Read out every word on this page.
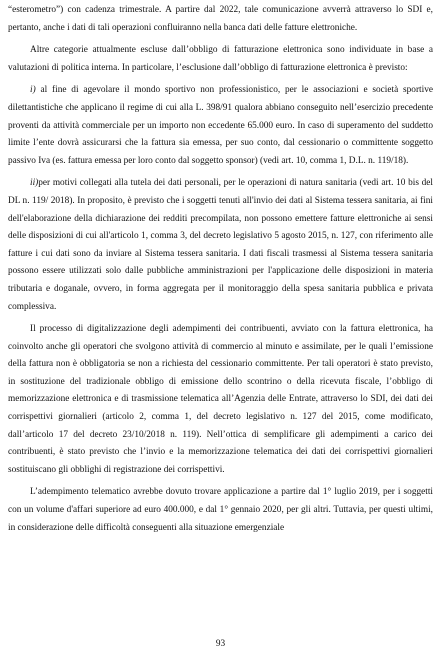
“esterometro”) con cadenza trimestrale. A partire dal 2022, tale comunicazione avverrà attraverso lo SDI e, pertanto, anche i dati di tali operazioni confluiranno nella banca dati delle fatture elettroniche.

Altre categorie attualmente escluse dall’obbligo di fatturazione elettronica sono individuate in base a valutazioni di politica interna. In particolare, l’esclusione dall’obbligo di fatturazione elettronica è previsto:

i) al fine di agevolare il mondo sportivo non professionistico, per le associazioni e società sportive dilettantistiche che applicano il regime di cui alla L. 398/91 qualora abbiano conseguito nell’esercizio precedente proventi da attività commerciale per un importo non eccedente 65.000 euro. In caso di superamento del suddetto limite l’ente dovrà assicurarsi che la fattura sia emessa, per suo conto, dal cessionario o committente soggetto passivo Iva (es. fattura emessa per loro conto dal soggetto sponsor) (vedi art. 10, comma 1, D.L. n. 119/18).

ii)per motivi collegati alla tutela dei dati personali, per le operazioni di natura sanitaria (vedi art. 10 bis del DL n. 119/ 2018). In proposito, è previsto che i soggetti tenuti all'invio dei dati al Sistema tessera sanitaria, ai fini dell'elaborazione della dichiarazione dei redditi precompilata, non possono emettere fatture elettroniche ai sensi delle disposizioni di cui all'articolo 1, comma 3, del decreto legislativo 5 agosto 2015, n. 127, con riferimento alle fatture i cui dati sono da inviare al Sistema tessera sanitaria. I dati fiscali trasmessi al Sistema tessera sanitaria possono essere utilizzati solo dalle pubbliche amministrazioni per l'applicazione delle disposizioni in materia tributaria e doganale, ovvero, in forma aggregata per il monitoraggio della spesa sanitaria pubblica e privata complessiva.

Il processo di digitalizzazione degli adempimenti dei contribuenti, avviato con la fattura elettronica, ha coinvolto anche gli operatori che svolgono attività di commercio al minuto e assimilate, per le quali l’emissione della fattura non è obbligatoria se non a richiesta del cessionario committente. Per tali operatori è stato previsto, in sostituzione del tradizionale obbligo di emissione dello scontrino o della ricevuta fiscale, l’obbligo di memorizzazione elettronica e di trasmissione telematica all’Agenzia delle Entrate, attraverso lo SDI, dei dati dei corrispettivi giornalieri (articolo 2, comma 1, del decreto legislativo n. 127 del 2015, come modificato, dall’articolo 17 del decreto 23/10/2018 n. 119). Nell’ottica di semplificare gli adempimenti a carico dei contribuenti, è stato previsto che l’invio e la memorizzazione telematica dei dati dei corrispettivi giornalieri sostituiscano gli obblighi di registrazione dei corrispettivi.

L’adempimento telematico avrebbe dovuto trovare applicazione a partire dal 1° luglio 2019, per i soggetti con un volume d'affari superiore ad euro 400.000, e dal 1° gennaio 2020, per gli altri. Tuttavia, per questi ultimi, in considerazione delle difficoltà conseguenti alla situazione emergenziale

93
